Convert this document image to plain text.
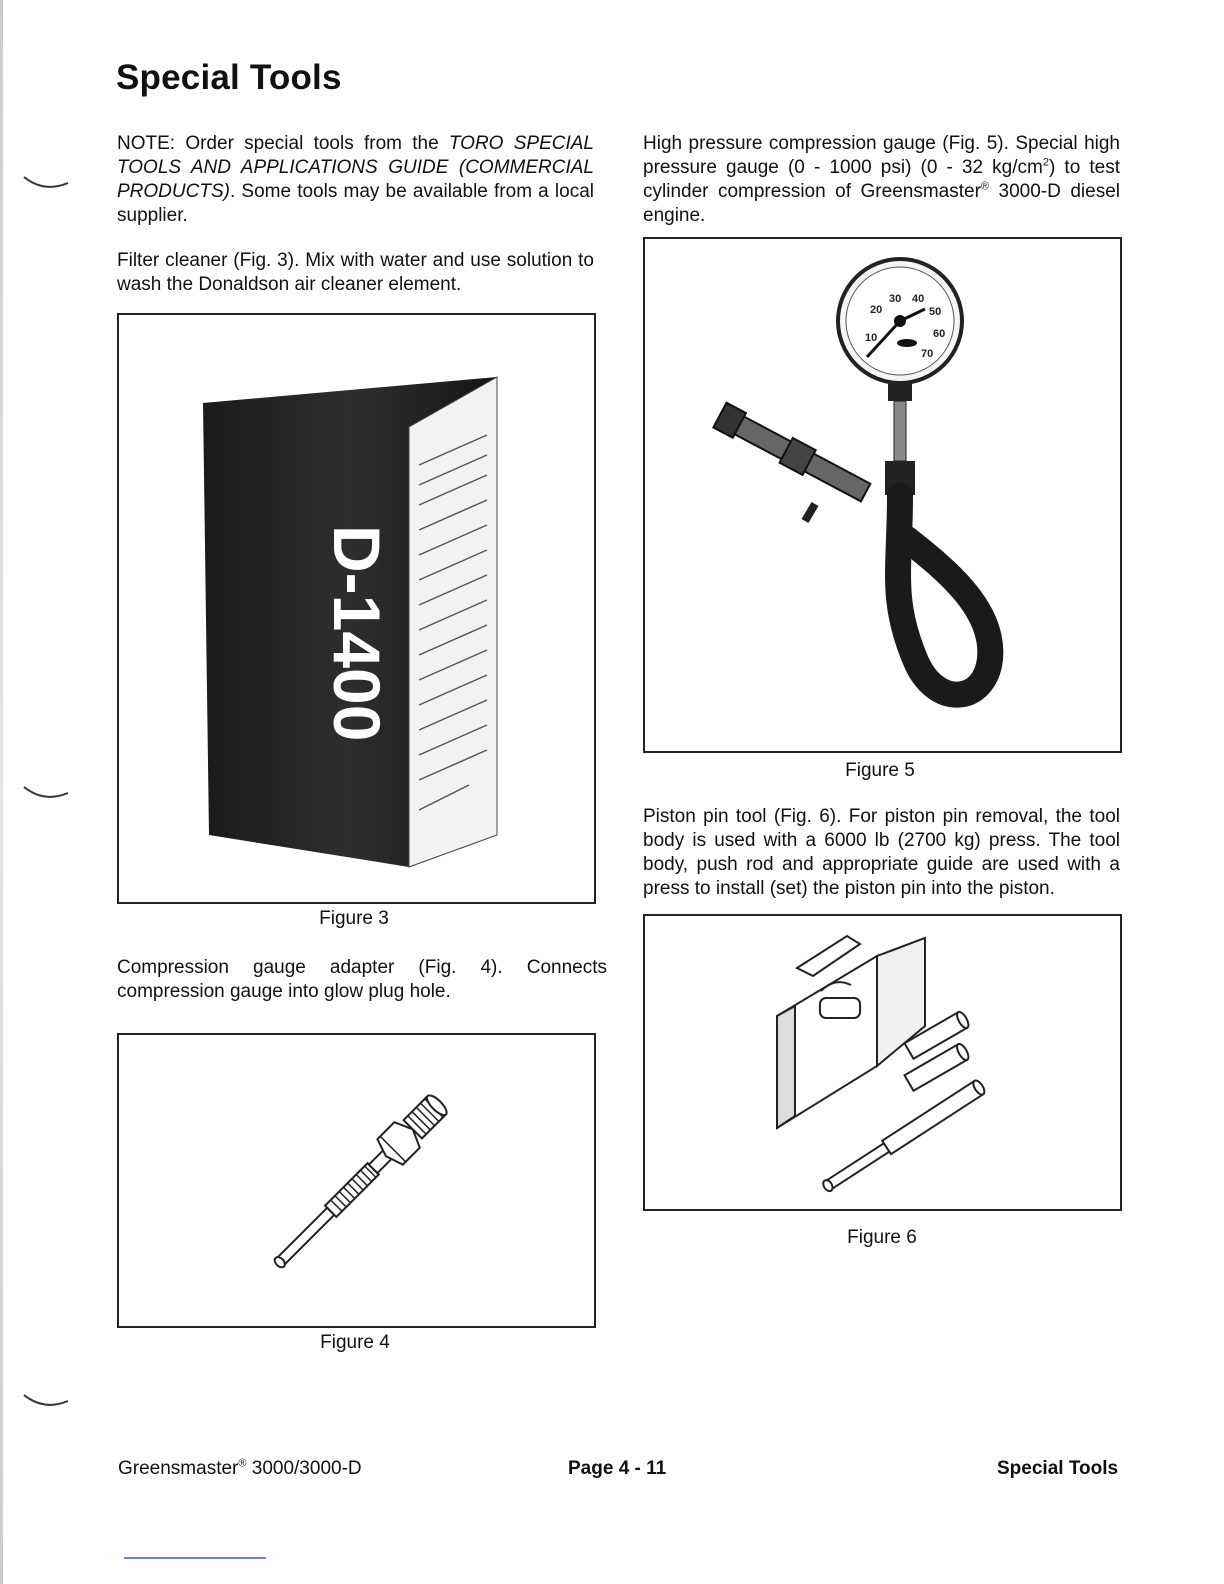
Special Tools
NOTE: Order special tools from the TORO SPECIAL TOOLS AND APPLICATIONS GUIDE (COMMERCIAL PRODUCTS). Some tools may be available from a local supplier.
Filter cleaner (Fig. 3). Mix with water and use solution to wash the Donaldson air cleaner element.
D-1400
Figure 3
Compression gauge adapter (Fig. 4). Connects compression gauge into glow plug hole.
Figure 4
High pressure compression gauge (Fig. 5). Special high pressure gauge (0 - 1000 psi) (0 - 32 $kg/cm^2$) to test cylinder compression of Greensmaster® 3000-D diesel engine.
10
20
30 40
50
60
70
Figure 5
Piston pin tool (Fig. 6). For piston pin removal, the tool body is used with a 6000 lb (2700 kg) press. The tool body, push rod and appropriate guide are used with a press to install (set) the piston pin into the piston.
Figure 6
Greensmaster® 3000/3000-D	Page 4 - 11	Special Tools
